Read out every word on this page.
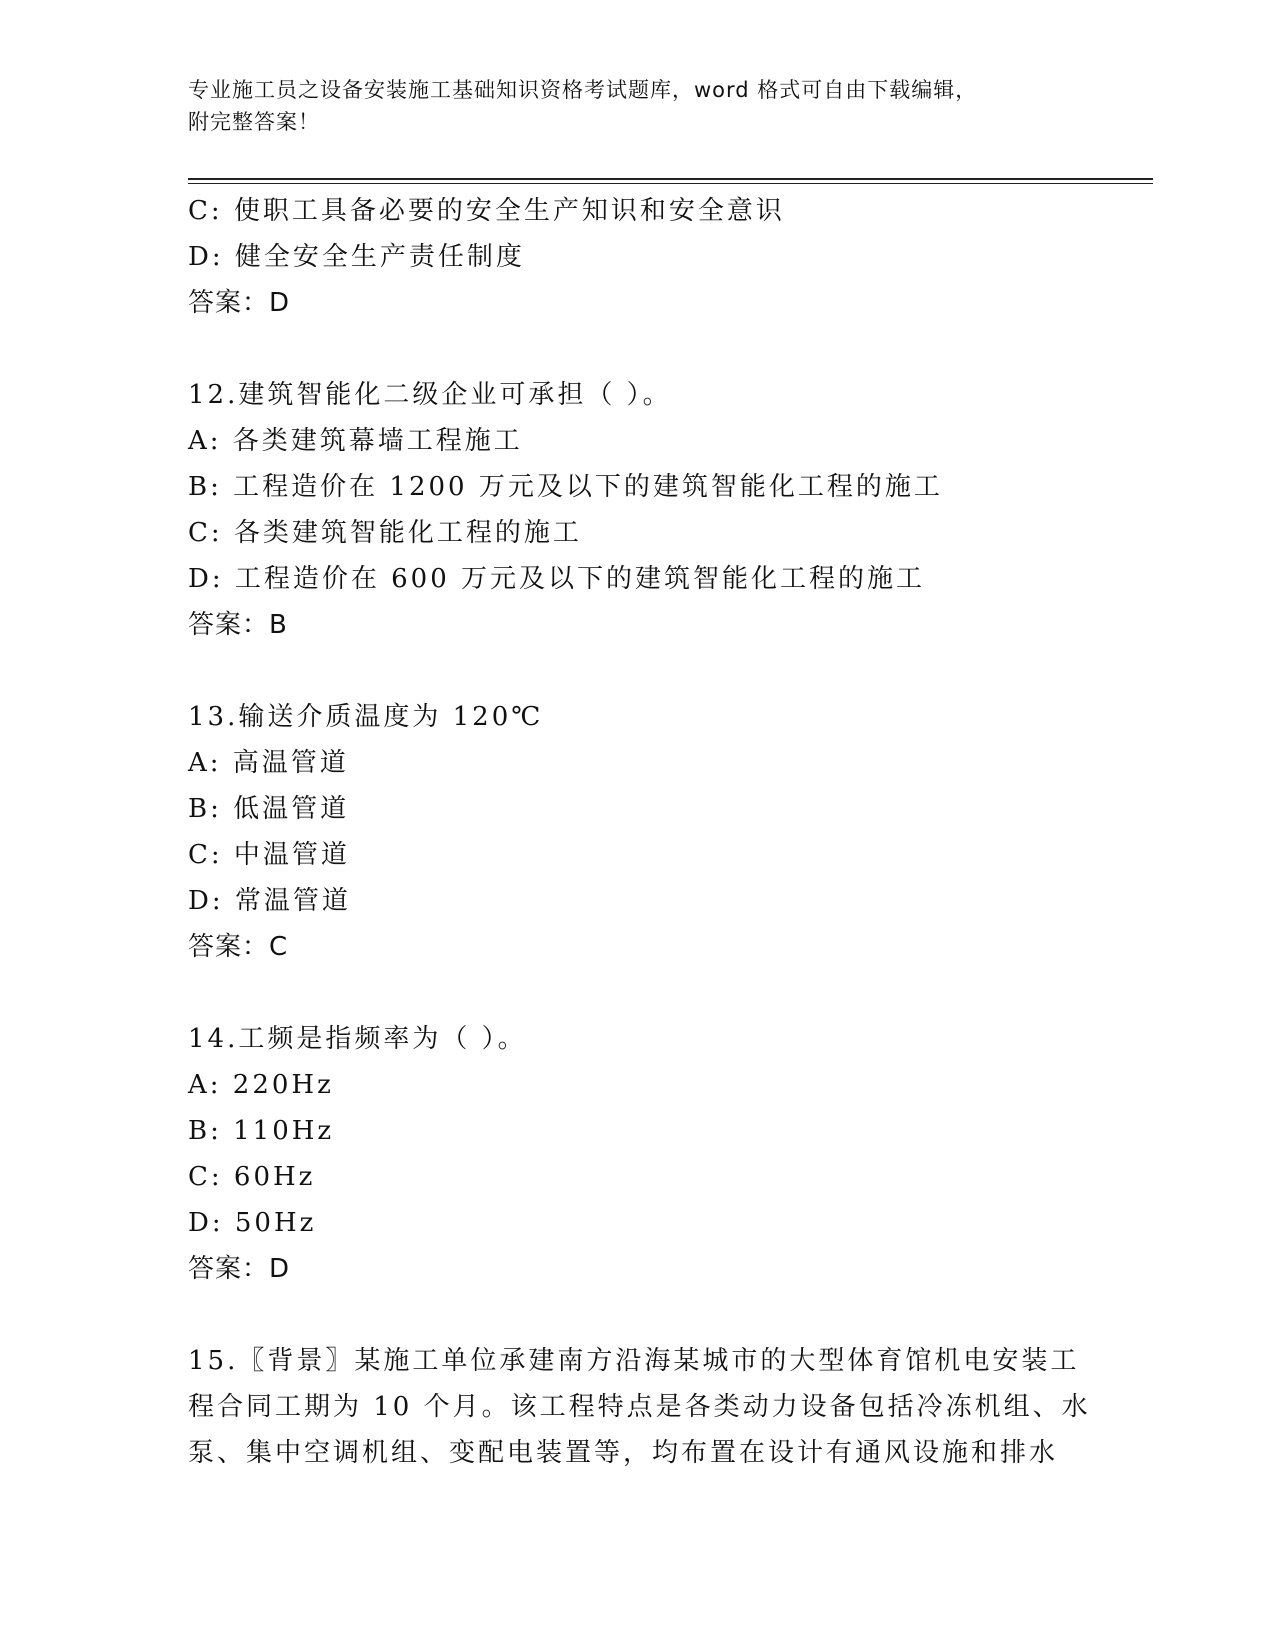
专业施工员之设备安装施工基础知识资格考试题库，word 格式可自由下载编辑，
附完整答案！
C: 使职工具备必要的安全生产知识和安全意识
D: 健全安全生产责任制度
答案：D
12.建筑智能化二级企业可承担（ ）。
A: 各类建筑幕墙工程施工
B: 工程造价在 1200 万元及以下的建筑智能化工程的施工
C: 各类建筑智能化工程的施工
D: 工程造价在 600 万元及以下的建筑智能化工程的施工
答案：B
13.输送介质温度为 120℃
A: 高温管道
B: 低温管道
C: 中温管道
D: 常温管道
答案：C
14.工频是指频率为（ ）。
A: 220Hz
B: 110Hz
C: 60Hz
D: 50Hz
答案：D
15.〖背景〗某施工单位承建南方沿海某城市的大型体育馆机电安装工
程合同工期为 10 个月。该工程特点是各类动力设备包括冷冻机组、水
泵、集中空调机组、变配电装置等，均布置在设计有通风设施和排水
